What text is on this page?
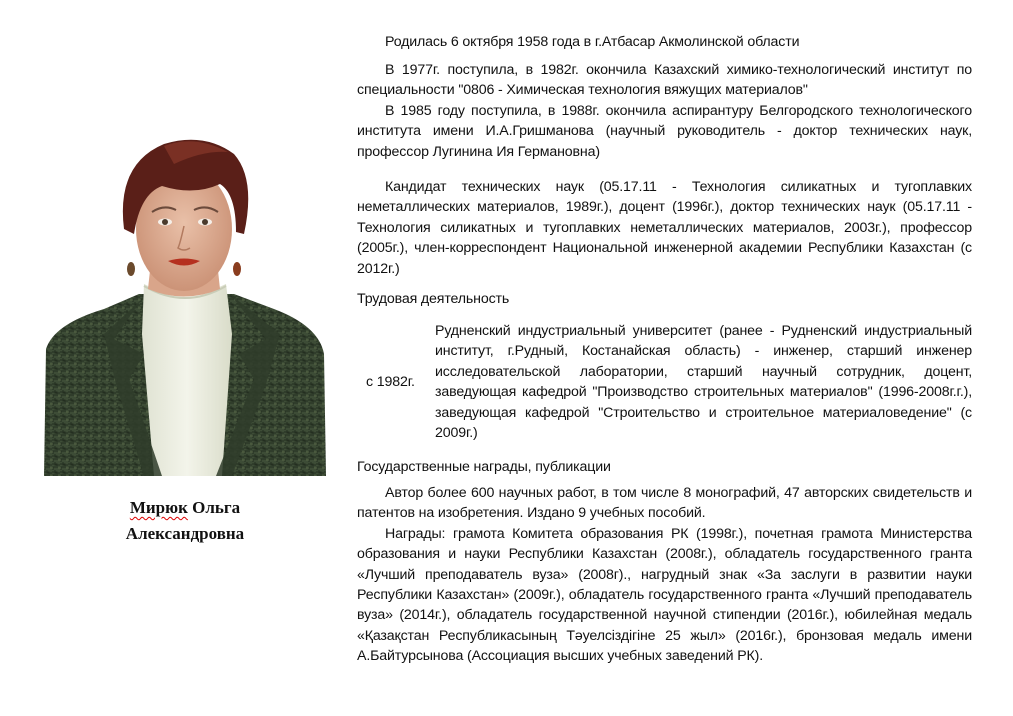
Мирюк Ольга
Александровна

Родилась 6 октября 1958 года в г.Атбасар Акмолинской области

В 1977г. поступила, в 1982г. окончила Казахский химико-технологический институт по специальности "0806 - Химическая технология вяжущих материалов"

В 1985 году поступила, в 1988г. окончила аспирантуру Белгородского технологического института имени И.А.Гришманова (научный руководитель - доктор технических наук, профессор Лугинина Ия Германовна)

Кандидат технических наук (05.17.11 - Технология силикатных и тугоплавких неметаллических материалов, 1989г.), доцент (1996г.), доктор технических наук (05.17.11 - Технология силикатных и тугоплавких неметаллических материалов, 2003г.), профессор (2005г.), член-корреспондент Национальной инженерной академии Республики Казахстан (с 2012г.)

Трудовая деятельность

с 1982г.
Рудненский индустриальный университет (ранее - Рудненский индустриальный институт, г.Рудный, Костанайская область) - инженер, старший инженер исследовательской лаборатории, старший научный сотрудник, доцент, заведующая кафедрой "Производство строительных материалов" (1996-2008г.г.), заведующая кафедрой "Строительство и строительное материаловедение" (с 2009г.)

Государственные награды, публикации

Автор более 600 научных работ, в том числе 8 монографий, 47 авторских свидетельств и патентов на изобретения. Издано 9 учебных пособий.

Награды: грамота Комитета образования РК (1998г.), почетная грамота Министерства образования и науки Республики Казахстан (2008г.), обладатель государственного гранта «Лучший преподаватель вуза» (2008г)., нагрудный знак «За заслуги в развитии науки Республики Казахстан» (2009г.), обладатель государственного гранта «Лучший преподаватель вуза» (2014г.), обладатель государственной научной стипендии (2016г.), юбилейная медаль «Қазақстан Республикасының Тәуелсіздігіне 25 жыл» (2016г.), бронзовая медаль имени А.Байтурсынова (Ассоциация высших учебных заведений РК).
